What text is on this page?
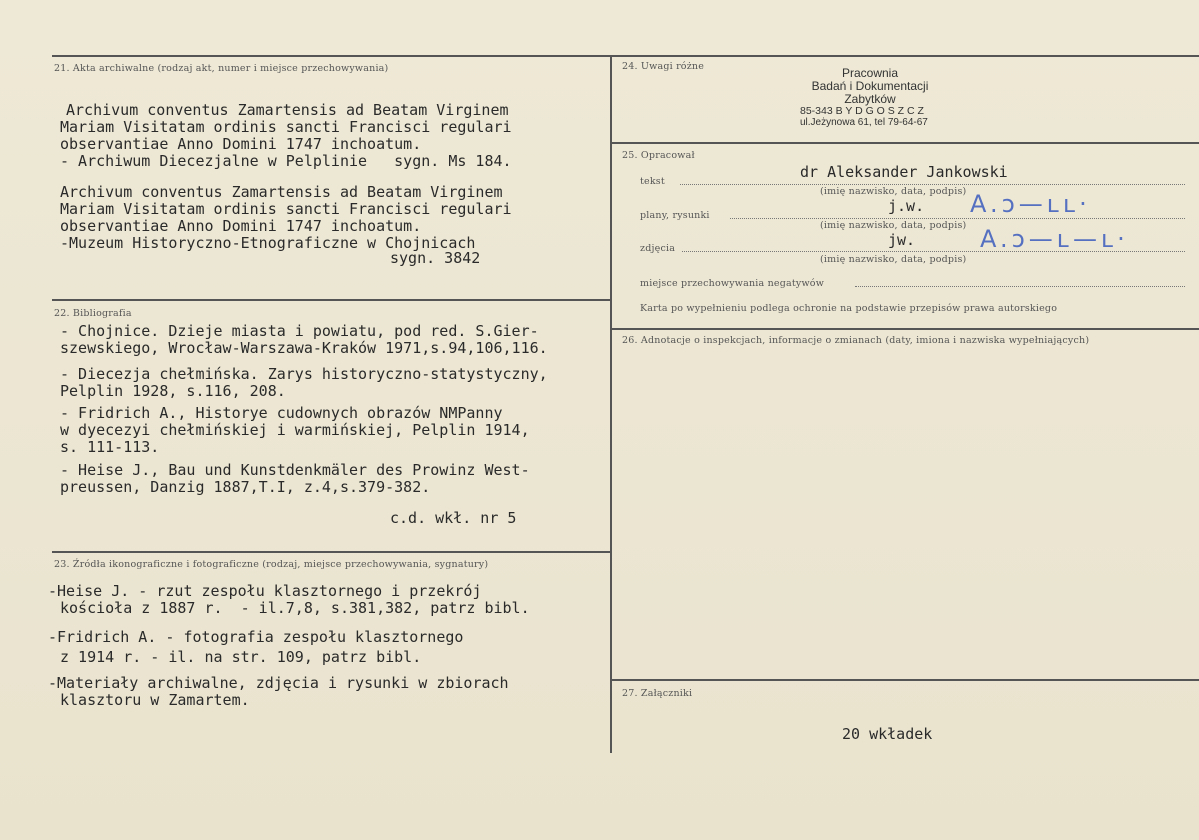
21. Akta archiwalne (rodzaj akt, numer i miejsce przechowywania)
Archivum conventus Zamartensis ad Beatam Virginem
Mariam Visitatam ordinis sancti Francisci regulari
observantiae Anno Domini 1747 inchoatum.
- Archiwum Diecezjalne w Pelplinie   sygn. Ms 184.
Archivum conventus Zamartensis ad Beatam Virginem
Mariam Visitatam ordinis sancti Francisci regulari
observantiae Anno Domini 1747 inchoatum.
-Muzeum Historyczno-Etnograficzne w Chojnicach
sygn. 3842
22. Bibliografia
- Chojnice. Dzieje miasta i powiatu, pod red. S.Gier-
szewskiego, Wrocław-Warszawa-Kraków 1971,s.94,106,116.
- Diecezja chełmińska. Zarys historyczno-statystyczny,
Pelplin 1928, s.116, 208.
- Fridrich A., Historye cudownych obrazów NMPanny
w dyecezyi chełmińskiej i warmińskiej, Pelplin 1914,
s. 111-113.
- Heise J., Bau und Kunstdenkmäler des Prowinz West-
preussen, Danzig 1887,T.I, z.4,s.379-382.
c.d. wkł. nr 5
23. Źródła ikonograficzne i fotograficzne (rodzaj, miejsce przechowywania, sygnatury)
-Heise J. - rzut zespołu klasztornego i przekrój
kościoła z 1887 r.  - il.7,8, s.381,382, patrz bibl.
-Fridrich A. - fotografia zespołu klasztornego
z 1914 r. - il. na str. 109, patrz bibl.
-Materiały archiwalne, zdjęcia i rysunki w zbiorach
klasztoru w Zamartem.
24. Uwagi różne	Pracownia
Badań i Dokumentacji
Zabytków
85-343 B Y D G O S Z C Z
ul.Jeżynowa 61, tel 79-64-67
25. Opracował
tekst
dr Aleksander Jankowski
(imię nazwisko, data, podpis)
plany, rysunki
j.w. A.ↄ—ʟʟ·
(imię nazwisko, data, podpis)
zdjęcia	jw.	A.ↄ—ʟ—ʟ·
(imię nazwisko, data, podpis)
miejsce przechowywania negatywów
Karta po wypełnieniu podlega ochronie na podstawie przepisów prawa autorskiego
26. Adnotacje o inspekcjach, informacje o zmianach (daty, imiona i nazwiska wypełniających)
27. Załączniki
20 wkładek
